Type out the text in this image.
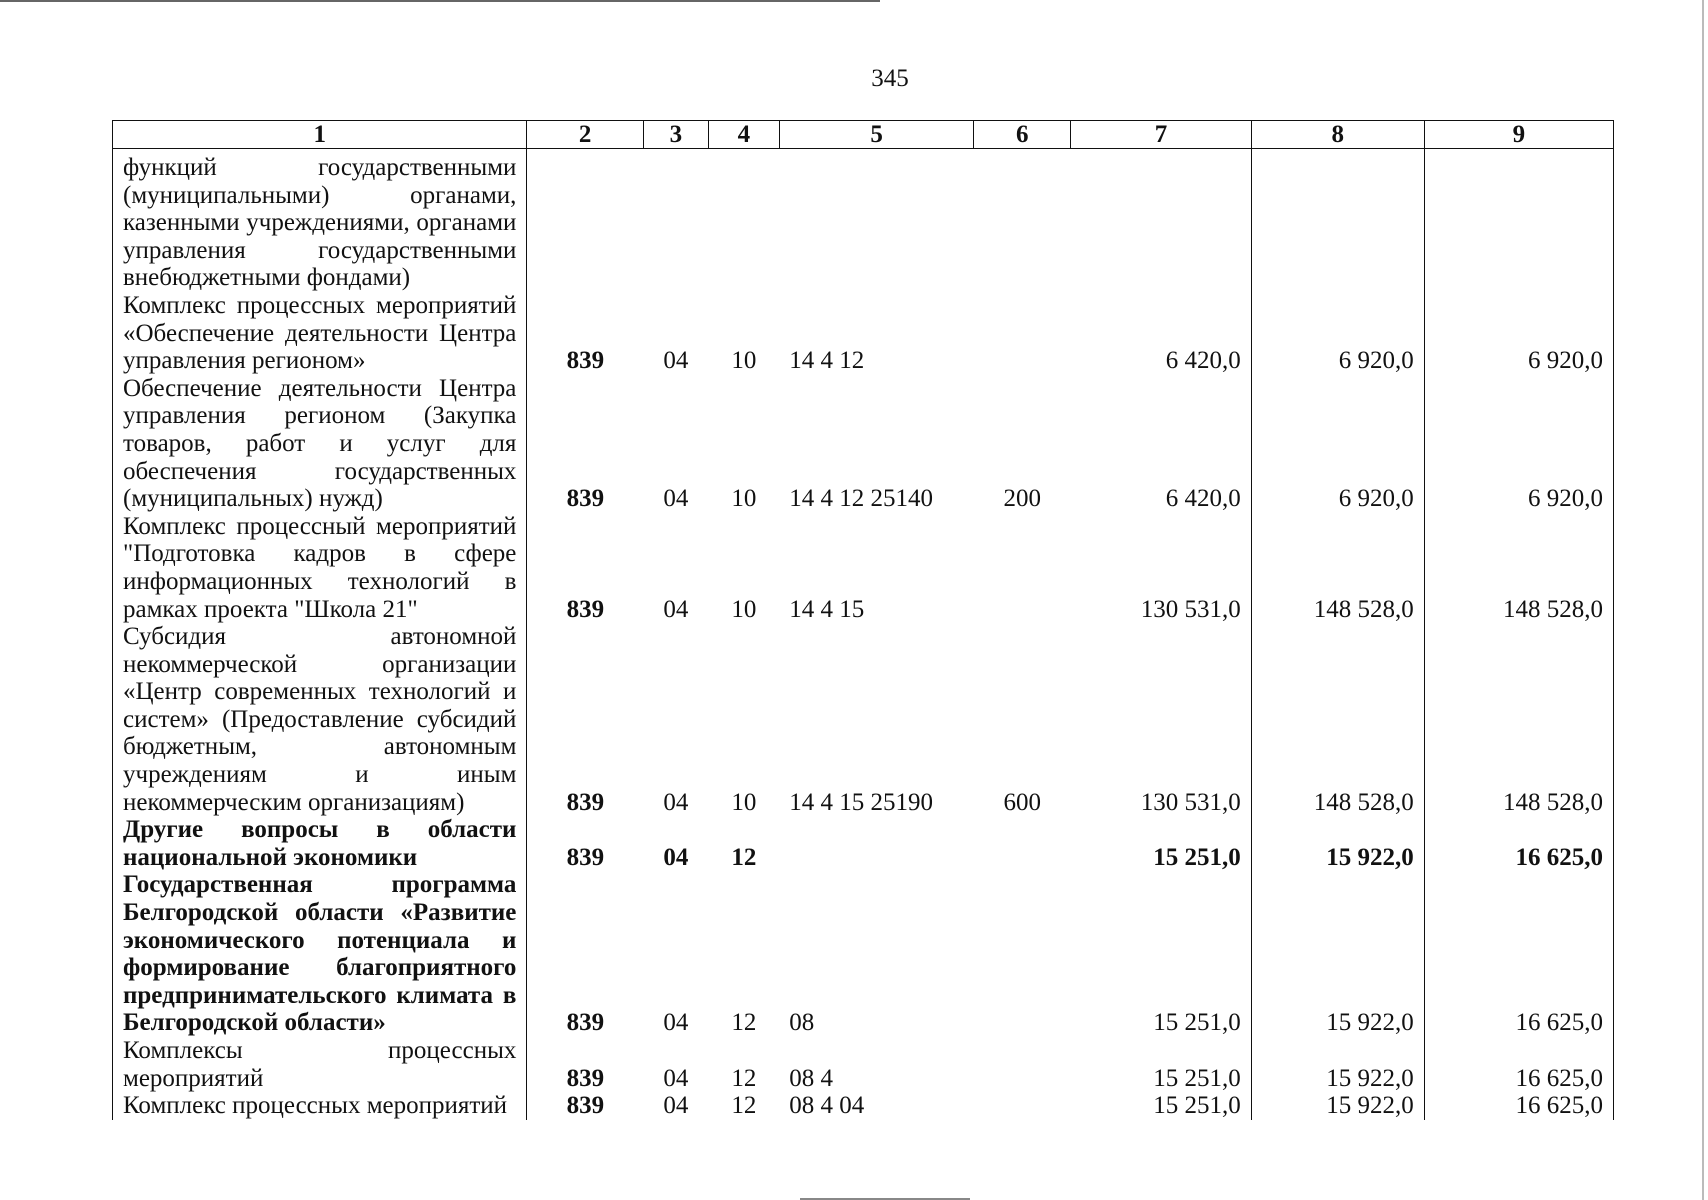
345
1	2	3	4	5	6	7	8	9
функций государственными (муниципальными) органами, казенными учреждениями, органами управления государственными внебюджетными фондами)								
Комплекс процессных мероприятий «Обеспечение деятельности Центра управления регионом»	839	04	10	14 4 12		6 420,0	6 920,0	6 920,0
Обеспечение деятельности Центра управления регионом (Закупка товаров, работ и услуг для обеспечения государственных (муниципальных) нужд)	839	04	10	14 4 12 25140	200	6 420,0	6 920,0	6 920,0
Комплекс процессный мероприятий "Подготовка кадров в сфере информационных технологий в рамках проекта "Школа 21"	839	04	10	14 4 15		130 531,0	148 528,0	148 528,0
Субсидия автономной некоммерческой организации «Центр современных технологий и систем» (Предоставление субсидий бюджетным, автономным учреждениям и иным некоммерческим организациям)	839	04	10	14 4 15 25190	600	130 531,0	148 528,0	148 528,0
Другие вопросы в области национальной экономики	839	04	12			15 251,0	15 922,0	16 625,0
Государственная программа Белгородской области «Развитие экономического потенциала и формирование благоприятного предпринимательского климата в Белгородской области»	839	04	12	08		15 251,0	15 922,0	16 625,0
Комплексы процессных мероприятий	839	04	12	08 4		15 251,0	15 922,0	16 625,0
Комплекс процессных мероприятий	839	04	12	08 4 04		15 251,0	15 922,0	16 625,0
